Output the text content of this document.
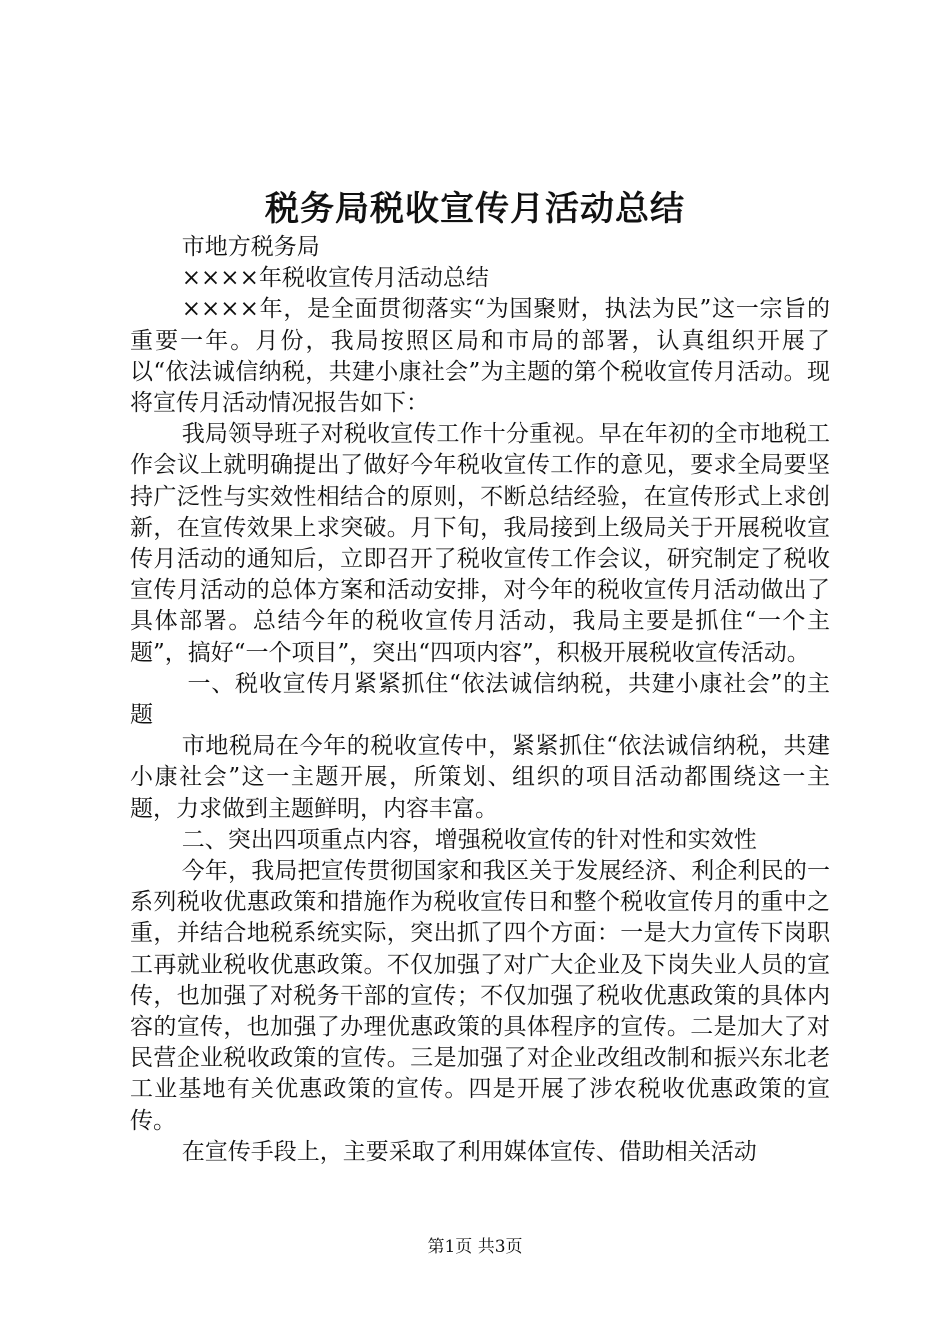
税务局税收宣传月活动总结

市地方税务局

××××年税收宣传月活动总结

××××年，是全面贯彻落实“为国聚财，执法为民”这一宗旨的重要一年。月份，我局按照区局和市局的部署，认真组织开展了以“依法诚信纳税，共建小康社会”为主题的第个税收宣传月活动。现将宣传月活动情况报告如下：

我局领导班子对税收宣传工作十分重视。早在年初的全市地税工作会议上就明确提出了做好今年税收宣传工作的意见，要求全局要坚持广泛性与实效性相结合的原则，不断总结经验，在宣传形式上求创新，在宣传效果上求突破。月下旬，我局接到上级局关于开展税收宣传月活动的通知后，立即召开了税收宣传工作会议，研究制定了税收宣传月活动的总体方案和活动安排，对今年的税收宣传月活动做出了具体部署。总结今年的税收宣传月活动，我局主要是抓住“一个主题”，搞好“一个项目”，突出“四项内容”，积极开展税收宣传活动。

一、税收宣传月紧紧抓住“依法诚信纳税，共建小康社会”的主题

市地税局在今年的税收宣传中，紧紧抓住“依法诚信纳税，共建小康社会”这一主题开展，所策划、组织的项目活动都围绕这一主题，力求做到主题鲜明，内容丰富。

二、突出四项重点内容，增强税收宣传的针对性和实效性

今年，我局把宣传贯彻国家和我区关于发展经济、利企利民的一系列税收优惠政策和措施作为税收宣传日和整个税收宣传月的重中之重，并结合地税系统实际，突出抓了四个方面：一是大力宣传下岗职工再就业税收优惠政策。不仅加强了对广大企业及下岗失业人员的宣传，也加强了对税务干部的宣传；不仅加强了税收优惠政策的具体内容的宣传，也加强了办理优惠政策的具体程序的宣传。二是加大了对民营企业税收政策的宣传。三是加强了对企业改组改制和振兴东北老工业基地有关优惠政策的宣传。四是开展了涉农税收优惠政策的宣传。

在宣传手段上，主要采取了利用媒体宣传、借助相关活动

第1页 共3页
